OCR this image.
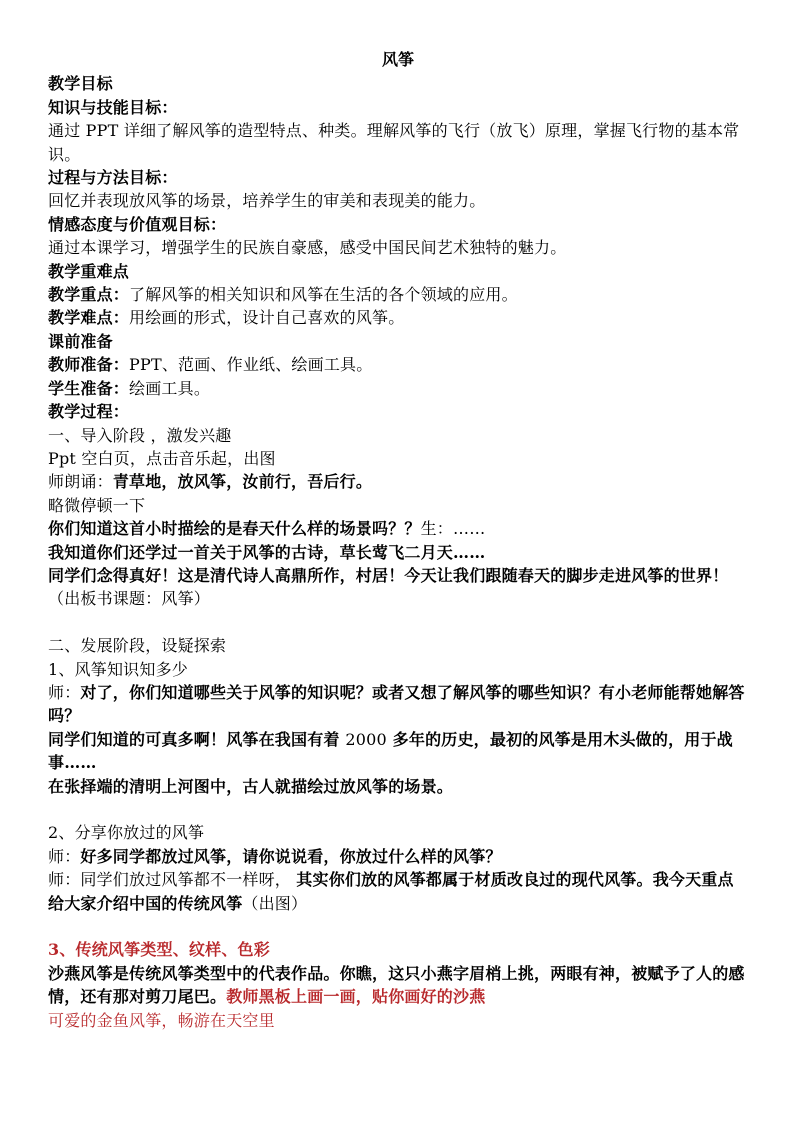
风筝
教学目标
知识与技能目标：
通过 PPT 详细了解风筝的造型特点、种类。理解风筝的飞行（放飞）原理，掌握飞行物的基本常识。
过程与方法目标：
回忆并表现放风筝的场景，培养学生的审美和表现美的能力。
情感态度与价值观目标：
通过本课学习，增强学生的民族自豪感，感受中国民间艺术独特的魅力。
教学重难点
教学重点：了解风筝的相关知识和风筝在生活的各个领域的应用。
教学难点：用绘画的形式，设计自己喜欢的风筝。
课前准备
教师准备：PPT、范画、作业纸、绘画工具。
学生准备：绘画工具。
教学过程：
一、导入阶段 ，激发兴趣
Ppt 空白页，点击音乐起，出图
师朗诵：青草地，放风筝，汝前行，吾后行。
略微停顿一下
你们知道这首小时描绘的是春天什么样的场景吗？？生：……
我知道你们还学过一首关于风筝的古诗，草长莺飞二月天……
同学们念得真好！这是清代诗人高鼎所作，村居！今天让我们跟随春天的脚步走进风筝的世界！（出板书课题：风筝）
二、发展阶段，设疑探索
1、风筝知识知多少
师：对了，你们知道哪些关于风筝的知识呢？或者又想了解风筝的哪些知识？有小老师能帮她解答吗？
同学们知道的可真多啊！风筝在我国有着 2000 多年的历史，最初的风筝是用木头做的，用于战事……
在张择端的清明上河图中，古人就描绘过放风筝的场景。
2、分享你放过的风筝
师：好多同学都放过风筝，请你说说看，你放过什么样的风筝？
师：同学们放过风筝都不一样呀， 其实你们放的风筝都属于材质改良过的现代风筝。我今天重点给大家介绍中国的传统风筝（出图）
3、传统风筝类型、纹样、色彩
沙燕风筝是传统风筝类型中的代表作品。你瞧，这只小燕字眉梢上挑，两眼有神，被赋予了人的感情，还有那对剪刀尾巴。教师黑板上画一画，贴你画好的沙燕
可爱的金鱼风筝，畅游在天空里
